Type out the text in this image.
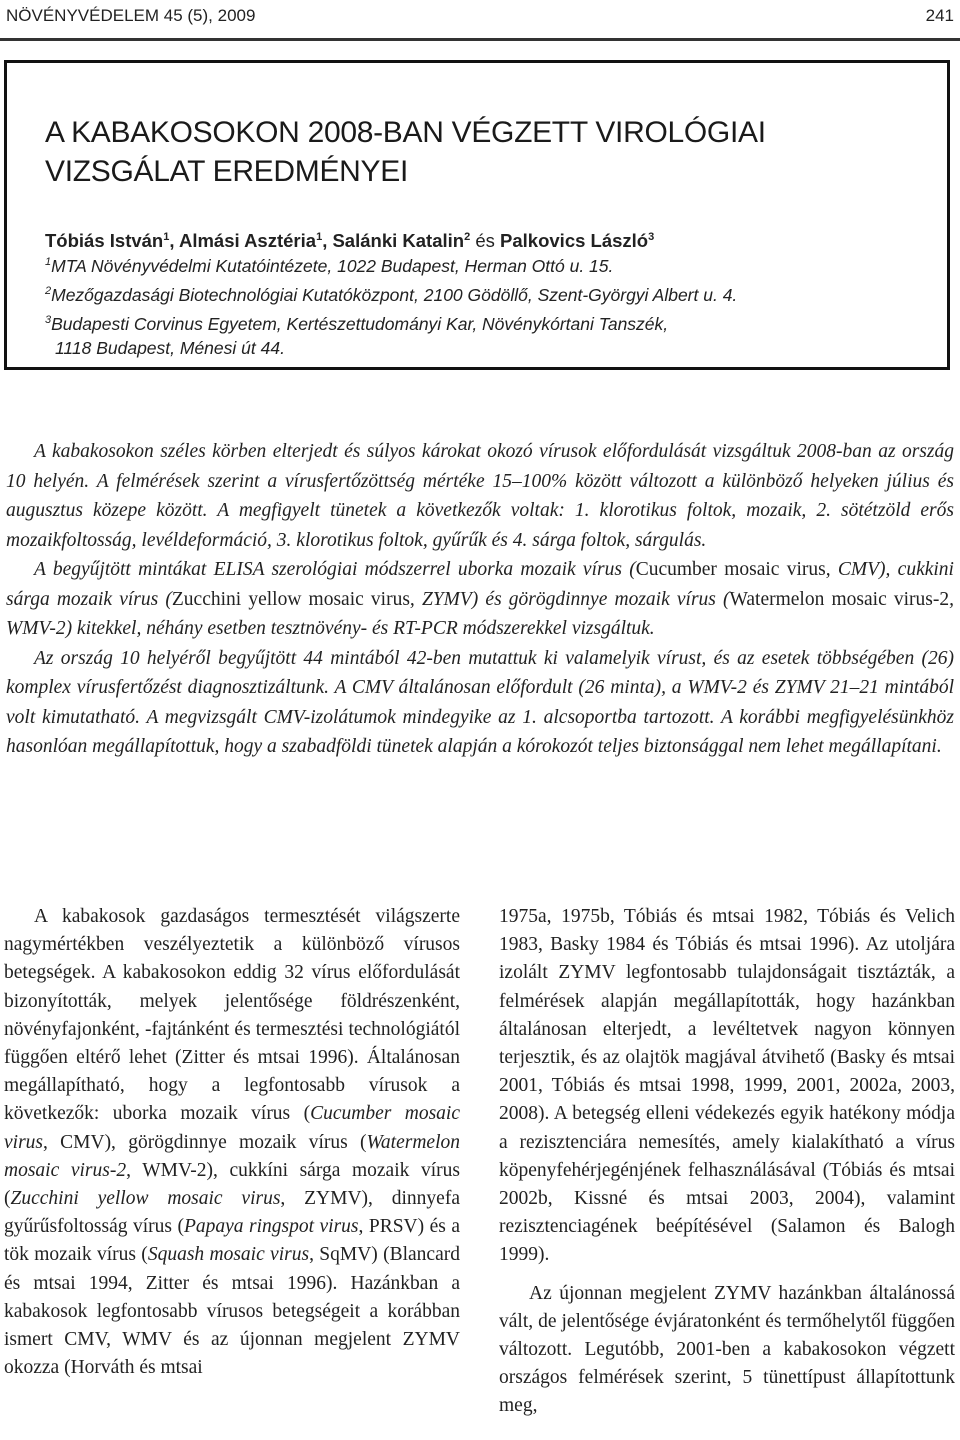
NÖVÉNYVÉDELEM 45 (5), 2009	241
A KABAKOSOKON 2008-BAN VÉGZETT VIROLÓGIAI
VIZSGÁLAT EREDMÉNYEI
Tóbiás István$^1$, Almási Asztéria$^1$, Salánki Katalin$^2$ és Palkovics László$^3$
$^1$MTA Növényvédelmi Kutatóintézete, 1022 Budapest, Herman Ottó u. 15.
$^2$Mezőgazdasági Biotechnológiai Kutatóközpont, 2100 Gödöllő, Szent-Györgyi Albert u. 4.
$^3$Budapesti Corvinus Egyetem, Kertészettudományi Kar, Növénykórtani Tanszék,
1118 Budapest, Ménesi út 44.

A kabakosokon széles körben elterjedt és súlyos károkat okozó vírusok előfordulását vizsgáltuk 2008-ban az ország 10 helyén. A felmérések szerint a vírusfertőzöttség mértéke 15–100% között változott a különböző helyeken július és augusztus közepe között. A megfigyelt tünetek a következők voltak: 1. klorotikus foltok, mozaik, 2. sötétzöld erős mozaikfoltosság, levéldeformáció, 3. klorotikus foltok, gyűrűk és 4. sárga foltok, sárgulás.

A begyűjtött mintákat ELISA szerológiai módszerrel uborka mozaik vírus (Cucumber mosaic virus, CMV), cukkini sárga mozaik vírus (Zucchini yellow mosaic virus, ZYMV) és görögdinnye mozaik vírus (Watermelon mosaic virus-2, WMV-2) kitekkel, néhány esetben tesztnövény- és RT-PCR módszerekkel vizsgáltuk.

Az ország 10 helyéről begyűjtött 44 mintából 42-ben mutattuk ki valamelyik vírust, és az esetek többségében (26) komplex vírusfertőzést diagnosztizáltunk. A CMV általánosan előfordult (26 minta), a WMV-2 és ZYMV 21–21 mintából volt kimutatható. A megvizsgált CMV-izolátumok mindegyike az 1. alcsoportba tartozott. A korábbi megfigyelésünkhöz hasonlóan megállapítottuk, hogy a szabadföldi tünetek alapján a kórokozót teljes biztonsággal nem lehet megállapítani.

A kabakosok gazdaságos termesztését világszerte nagymértékben veszélyeztetik a különböző vírusos betegségek. A kabakosokon eddig 32 vírus előfordulását bizonyították, melyek jelentősége földrészenként, növényfajonként, -fajtánként és termesztési technológiától függően eltérő lehet (Zitter és mtsai 1996). Általánosan megállapítható, hogy a legfontosabb vírusok a következők: uborka mozaik vírus (Cucumber mosaic virus, CMV), görögdinnye mozaik vírus (Watermelon mosaic virus-2, WMV-2), cukkíni sárga mozaik vírus (Zucchini yellow mosaic virus, ZYMV), dinnyefa gyűrűsfoltosság vírus (Papaya ringspot virus, PRSV) és a tök mozaik vírus (Squash mosaic virus, SqMV) (Blancard és mtsai 1994, Zitter és mtsai 1996). Hazánkban a kabakosok legfontosabb vírusos betegségeit a korábban ismert CMV, WMV és az újonnan megjelent ZYMV okozza (Horváth és mtsai

1975a, 1975b, Tóbiás és mtsai 1982, Tóbiás és Velich 1983, Basky 1984 és Tóbiás és mtsai 1996). Az utoljára izolált ZYMV legfontosabb tulajdonságait tisztázták, a felmérések alapján megállapították, hogy hazánkban általánosan elterjedt, a levéltetvek nagyon könnyen terjesztik, és az olajtök magjával átvihető (Basky és mtsai 2001, Tóbiás és mtsai 1998, 1999, 2001, 2002a, 2003, 2008). A betegség elleni védekezés egyik hatékony módja a rezisztenciára nemesítés, amely kialakítható a vírus köpenyfehérjegénjének felhasználásával (Tóbiás és mtsai 2002b, Kissné és mtsai 2003, 2004), valamint rezisztenciagének beépítésével (Salamon és Balogh 1999).

Az újonnan megjelent ZYMV hazánkban általánossá vált, de jelentősége évjáratonként és termőhelytől függően változott. Legutóbb, 2001-ben a kabakosokon végzett országos felmérések szerint, 5 tünettípust állapítottunk meg,
